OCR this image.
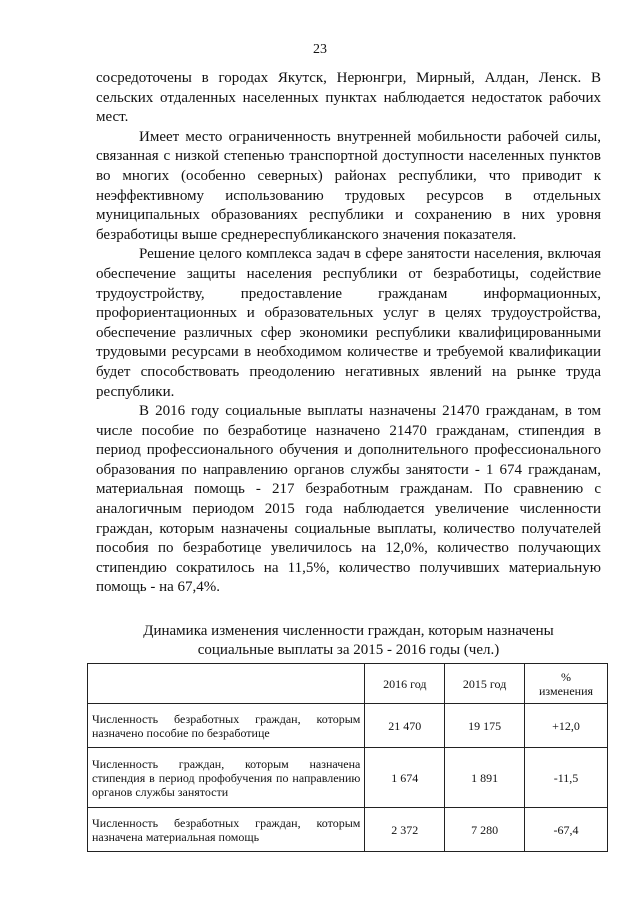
23

сосредоточены в городах Якутск, Нерюнгри, Мирный, Алдан, Ленск. В сельских отдаленных населенных пунктах наблюдается недостаток рабочих мест.

Имеет место ограниченность внутренней мобильности рабочей силы, связанная с низкой степенью транспортной доступности населенных пунктов во многих (особенно северных) районах республики, что приводит к неэффективному использованию трудовых ресурсов в отдельных муниципальных образованиях республики и сохранению в них уровня безработицы выше среднереспубликанского значения показателя.

Решение целого комплекса задач в сфере занятости населения, включая обеспечение защиты населения республики от безработицы, содействие трудоустройству, предоставление гражданам информационных, профориентационных и образовательных услуг в целях трудоустройства, обеспечение различных сфер экономики республики квалифицированными трудовыми ресурсами в необходимом количестве и требуемой квалификации будет способствовать преодолению негативных явлений на рынке труда республики.

В 2016 году социальные выплаты назначены 21470 гражданам, в том числе пособие по безработице назначено 21470 гражданам, стипендия в период профессионального обучения и дополнительного профессионального образования по направлению органов службы занятости - 1 674 гражданам, материальная помощь - 217 безработным гражданам. По сравнению с аналогичным периодом 2015 года наблюдается увеличение численности граждан, которым назначены социальные выплаты, количество получателей пособия по безработице увеличилось на 12,0%, количество получающих стипендию сократилось на 11,5%, количество получивших материальную помощь - на 67,4%.

Динамика изменения численности граждан, которым назначены
социальные выплаты за 2015 - 2016 годы (чел.)
	2016 год	2015 год	%
изменения
Численность безработных граждан, которым назначено пособие по безработице	21 470	19 175	+12,0
Численность граждан, которым назначена стипендия в период профобучения по направлению органов службы занятости	1 674	1 891	-11,5
Численность безработных граждан, которым назначена материальная помощь	2 372	7 280	-67,4
